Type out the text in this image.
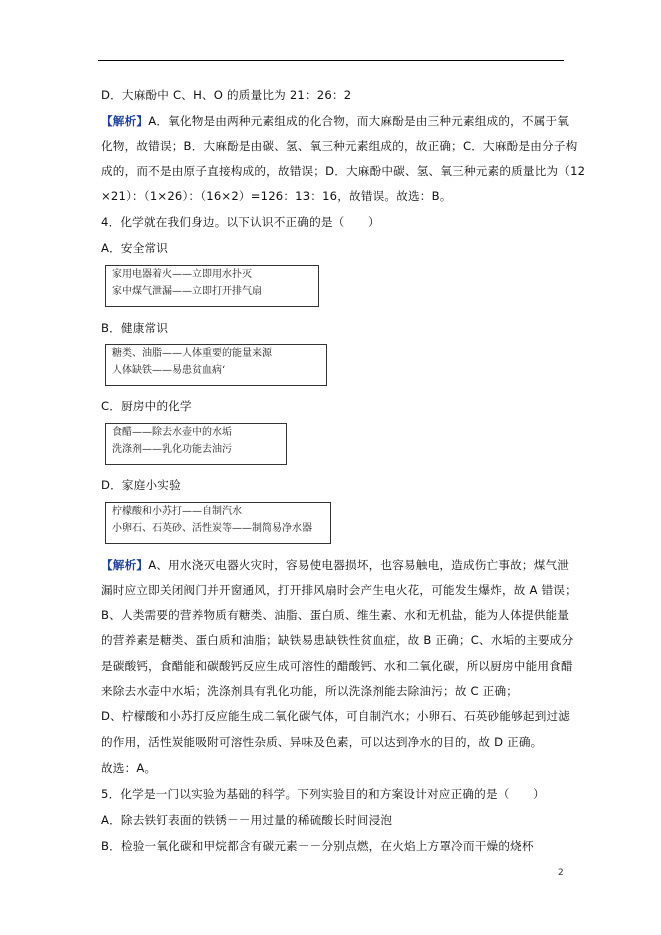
D．大麻酚中 C、H、O 的质量比为 21：26：2
【解析】A．氧化物是由两种元素组成的化合物，而大麻酚是由三种元素组成的，不属于氧
化物，故错误；B．大麻酚是由碳、氢、氧三种元素组成的，故正确；C．大麻酚是由分子构
成的，而不是由原子直接构成的，故错误；D．大麻酚中碳、氢、氧三种元素的质量比为（12
×21）：（1×26）：（16×2）=126：13：16，故错误。故选：B。
4．化学就在我们身边。以下认识不正确的是（　　）
A．安全常识
家用电器着火——立即用水扑灭
家中煤气泄漏——立即打开排气扇
B．健康常识
糖类、油脂——人体重要的能量来源
人体缺铁——易患贫血病‘
C．厨房中的化学
食醋——除去水壶中的水垢
洗涤剂——乳化功能去油污
D．家庭小实验
柠檬酸和小苏打——自制汽水
小卵石、石英砂、活性炭等——制简易净水器
【解析】A、用水浇灭电器火灾时，容易使电器损坏，也容易触电，造成伤亡事故；煤气泄
漏时应立即关闭阀门并开窗通风，打开排风扇时会产生电火花，可能发生爆炸，故 A 错误；
B、人类需要的营养物质有糖类、油脂、蛋白质、维生素、水和无机盐，能为人体提供能量
的营养素是糖类、蛋白质和油脂；缺铁易患缺铁性贫血症，故 B 正确；C、水垢的主要成分
是碳酸钙，食醋能和碳酸钙反应生成可溶性的醋酸钙、水和二氧化碳，所以厨房中能用食醋
来除去水壶中水垢；洗涤剂具有乳化功能，所以洗涤剂能去除油污；故 C 正确；
D、柠檬酸和小苏打反应能生成二氧化碳气体，可自制汽水；小卵石、石英砂能够起到过滤
的作用，活性炭能吸附可溶性杂质、异味及色素，可以达到净水的目的，故 D 正确。
故选：A。
5．化学是一门以实验为基础的科学。下列实验目的和方案设计对应正确的是（　　）
A．除去铁钉表面的铁锈－－用过量的稀硫酸长时间浸泡
B．检验一氧化碳和甲烷都含有碳元素－－分别点燃，在火焰上方罩冷而干燥的烧杯
2
